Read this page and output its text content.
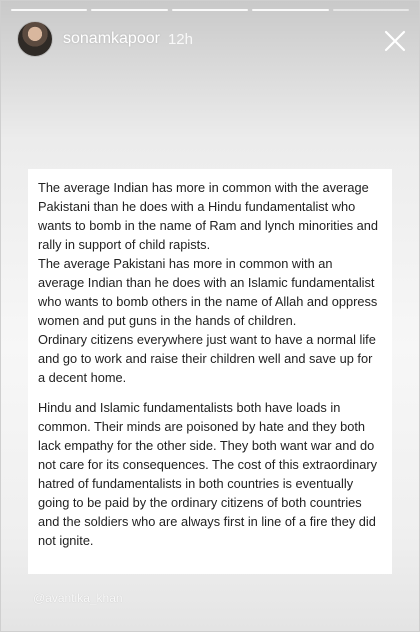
sonamkapoor 12h

The average Indian has more in common with the average Pakistani than he does with a Hindu fundamentalist who wants to bomb in the name of Ram and lynch minorities and rally in support of child rapists.

The average Pakistani has more in common with an average Indian than he does with an Islamic fundamentalist who wants to bomb others in the name of Allah and oppress women and put guns in the hands of children.

Ordinary citizens everywhere just want to have a normal life and go to work and raise their children well and save up for a decent home.

Hindu and Islamic fundamentalists both have loads in common. Their minds are poisoned by hate and they both lack empathy for the other side. They both want war and do not care for its consequences. The cost of this extraordinary hatred of fundamentalists in both countries is eventually going to be paid by the ordinary citizens of both countries and the soldiers who are always first in line of a fire they did not ignite.

@avantika_khan
